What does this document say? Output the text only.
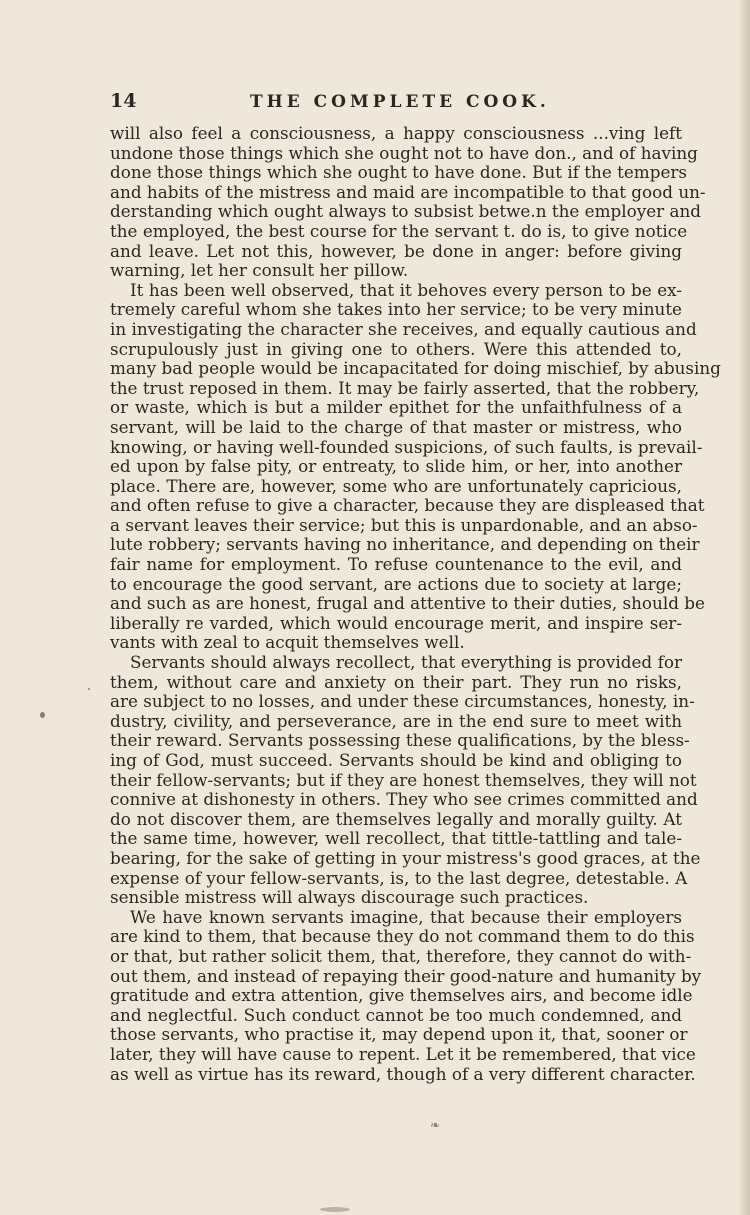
14	THE COMPLETE COOK.
will also feel a consciousness, a happy consciousness ...ving left
undone those things which she ought not to have don., and of having
done those things which she ought to have done. But if the tempers
and habits of the mistress and maid are incompatible to that good un-
derstanding which ought always to subsist betwe.n the employer and
the employed, the best course for the servant t. do is, to give notice
and leave. Let not this, however, be done in anger: before giving
warning, let her consult her pillow.
It has been well observed, that it behoves every person to be ex-
tremely careful whom she takes into her service; to be very minute
in investigating the character she receives, and equally cautious and
scrupulously just in giving one to others. Were this attended to,
many bad people would be incapacitated for doing mischief, by abusing
the trust reposed in them. It may be fairly asserted, that the robbery,
or waste, which is but a milder epithet for the unfaithfulness of a
servant, will be laid to the charge of that master or mistress, who
knowing, or having well-founded suspicions, of such faults, is prevail-
ed upon by false pity, or entreaty, to slide him, or her, into another
place. There are, however, some who are unfortunately capricious,
and often refuse to give a character, because they are displeased that
a servant leaves their service; but this is unpardonable, and an abso-
lute robbery; servants having no inheritance, and depending on their
fair name for employment. To refuse countenance to the evil, and
to encourage the good servant, are actions due to society at large;
and such as are honest, frugal and attentive to their duties, should be
liberally re varded, which would encourage merit, and inspire ser-
vants with zeal to acquit themselves well.
Servants should always recollect, that everything is provided for
them, without care and anxiety on their part. They run no risks,
are subject to no losses, and under these circumstances, honesty, in-
dustry, civility, and perseverance, are in the end sure to meet with
their reward. Servants possessing these qualifications, by the bless-
ing of God, must succeed. Servants should be kind and obliging to
their fellow-servants; but if they are honest themselves, they will not
connive at dishonesty in others. They who see crimes committed and
do not discover them, are themselves legally and morally guilty. At
the same time, however, well recollect, that tittle-tattling and tale-
bearing, for the sake of getting in your mistress's good graces, at the
expense of your fellow-servants, is, to the last degree, detestable. A
sensible mistress will always discourage such practices.
We have known servants imagine, that because their employers
are kind to them, that because they do not command them to do this
or that, but rather solicit them, that, therefore, they cannot do with-
out them, and instead of repaying their good-nature and humanity by
gratitude and extra attention, give themselves airs, and become idle
and neglectful. Such conduct cannot be too much condemned, and
those servants, who practise it, may depend upon it, that, sooner or
later, they will have cause to repent. Let it be remembered, that vice
as well as virtue has its reward, though of a very different character.
❧
